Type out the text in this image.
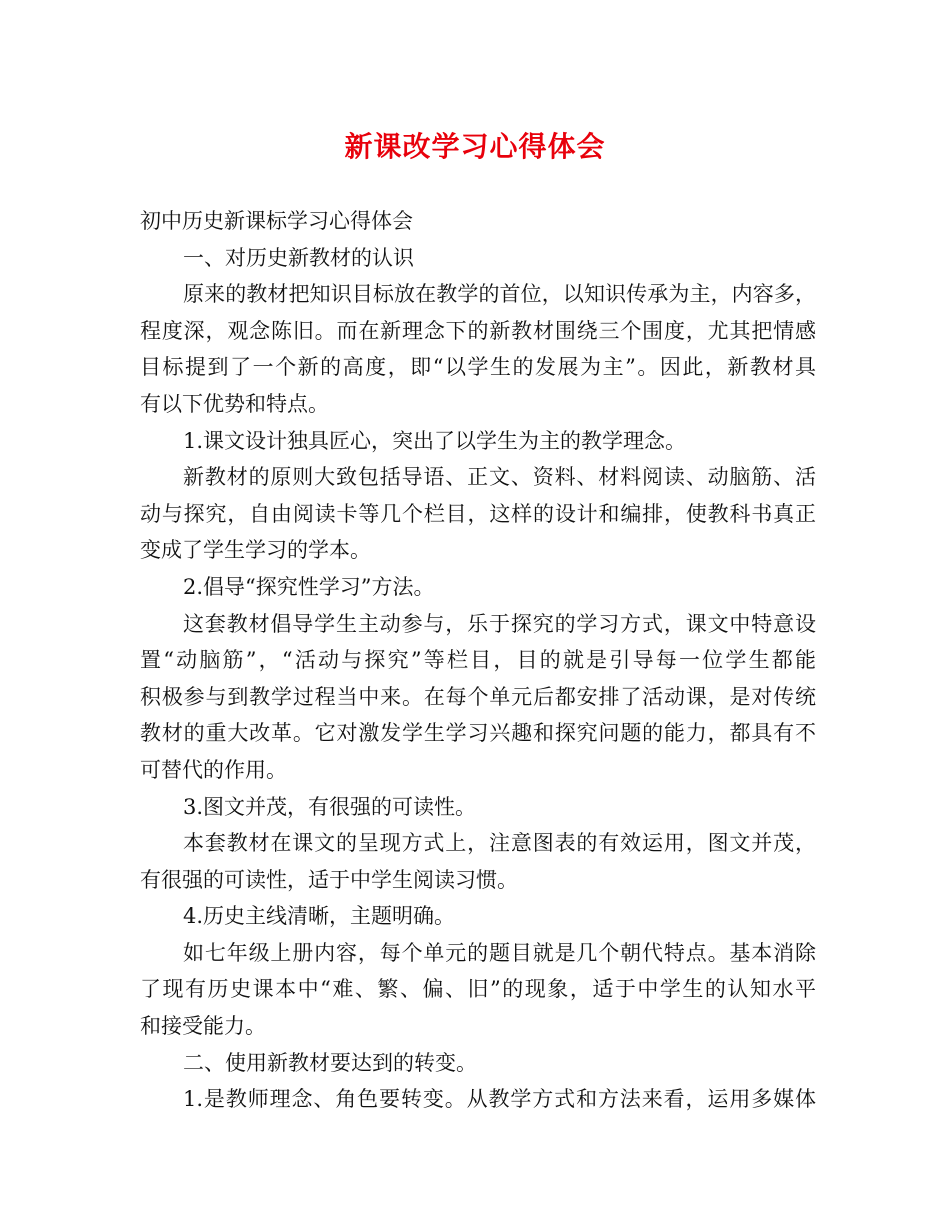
新课改学习心得体会
初中历史新课标学习心得体会
一、对历史新教材的认识
原来的教材把知识目标放在教学的首位，以知识传承为主，内容多，
程度深，观念陈旧。而在新理念下的新教材围绕三个围度，尤其把情感
目标提到了一个新的高度，即“以学生的发展为主”。因此，新教材具
有以下优势和特点。
1.课文设计独具匠心，突出了以学生为主的教学理念。
新教材的原则大致包括导语、正文、资料、材料阅读、动脑筋、活
动与探究，自由阅读卡等几个栏目，这样的设计和编排，使教科书真正
变成了学生学习的学本。
2.倡导“探究性学习”方法。
这套教材倡导学生主动参与，乐于探究的学习方式，课文中特意设
置“动脑筋”，“活动与探究”等栏目，目的就是引导每一位学生都能
积极参与到教学过程当中来。在每个单元后都安排了活动课，是对传统
教材的重大改革。它对激发学生学习兴趣和探究问题的能力，都具有不
可替代的作用。
3.图文并茂，有很强的可读性。
本套教材在课文的呈现方式上，注意图表的有效运用，图文并茂，
有很强的可读性，适于中学生阅读习惯。
4.历史主线清晰，主题明确。
如七年级上册内容，每个单元的题目就是几个朝代特点。基本消除
了现有历史课本中“难、繁、偏、旧”的现象，适于中学生的认知水平
和接受能力。
二、使用新教材要达到的转变。
1.是教师理念、角色要转变。从教学方式和方法来看，运用多媒体
